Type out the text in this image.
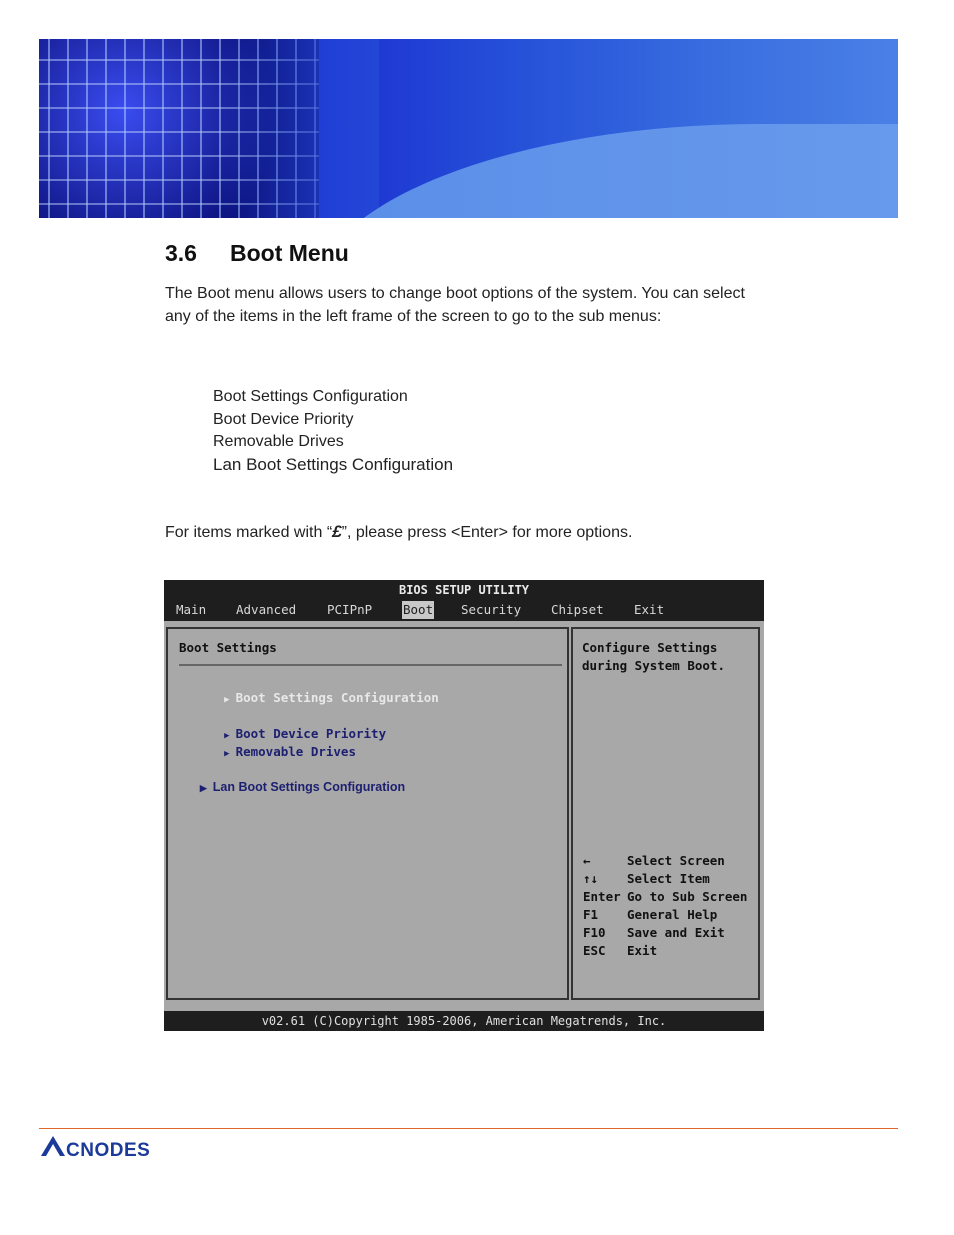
3.6 Boot Menu

The Boot menu allows users to change boot options of the system. You can select any of the items in the left frame of the screen to go to the sub menus:

Boot Settings Configuration
Boot Device Priority
Removable Drives
Lan Boot Settings Configuration
For items marked with “£”, please press <Enter> for more options.
BIOS SETUP UTILITY
Main Advanced PCIPnP Boot Security Chipset Exit
Boot Settings

▶ Boot Settings Configuration

▶ Boot Device Priority

▶ Removable Drives

▶ Lan Boot Settings Configuration

Configure Settings
during System Boot.
←	Select Screen
↑↓ Select Item
Enter Go to Sub Screen
F1 General Help
F10 Save and Exit
ESC Exit
v02.61 (C)Copyright 1985-2006, American Megatrends, Inc.
CNODES
